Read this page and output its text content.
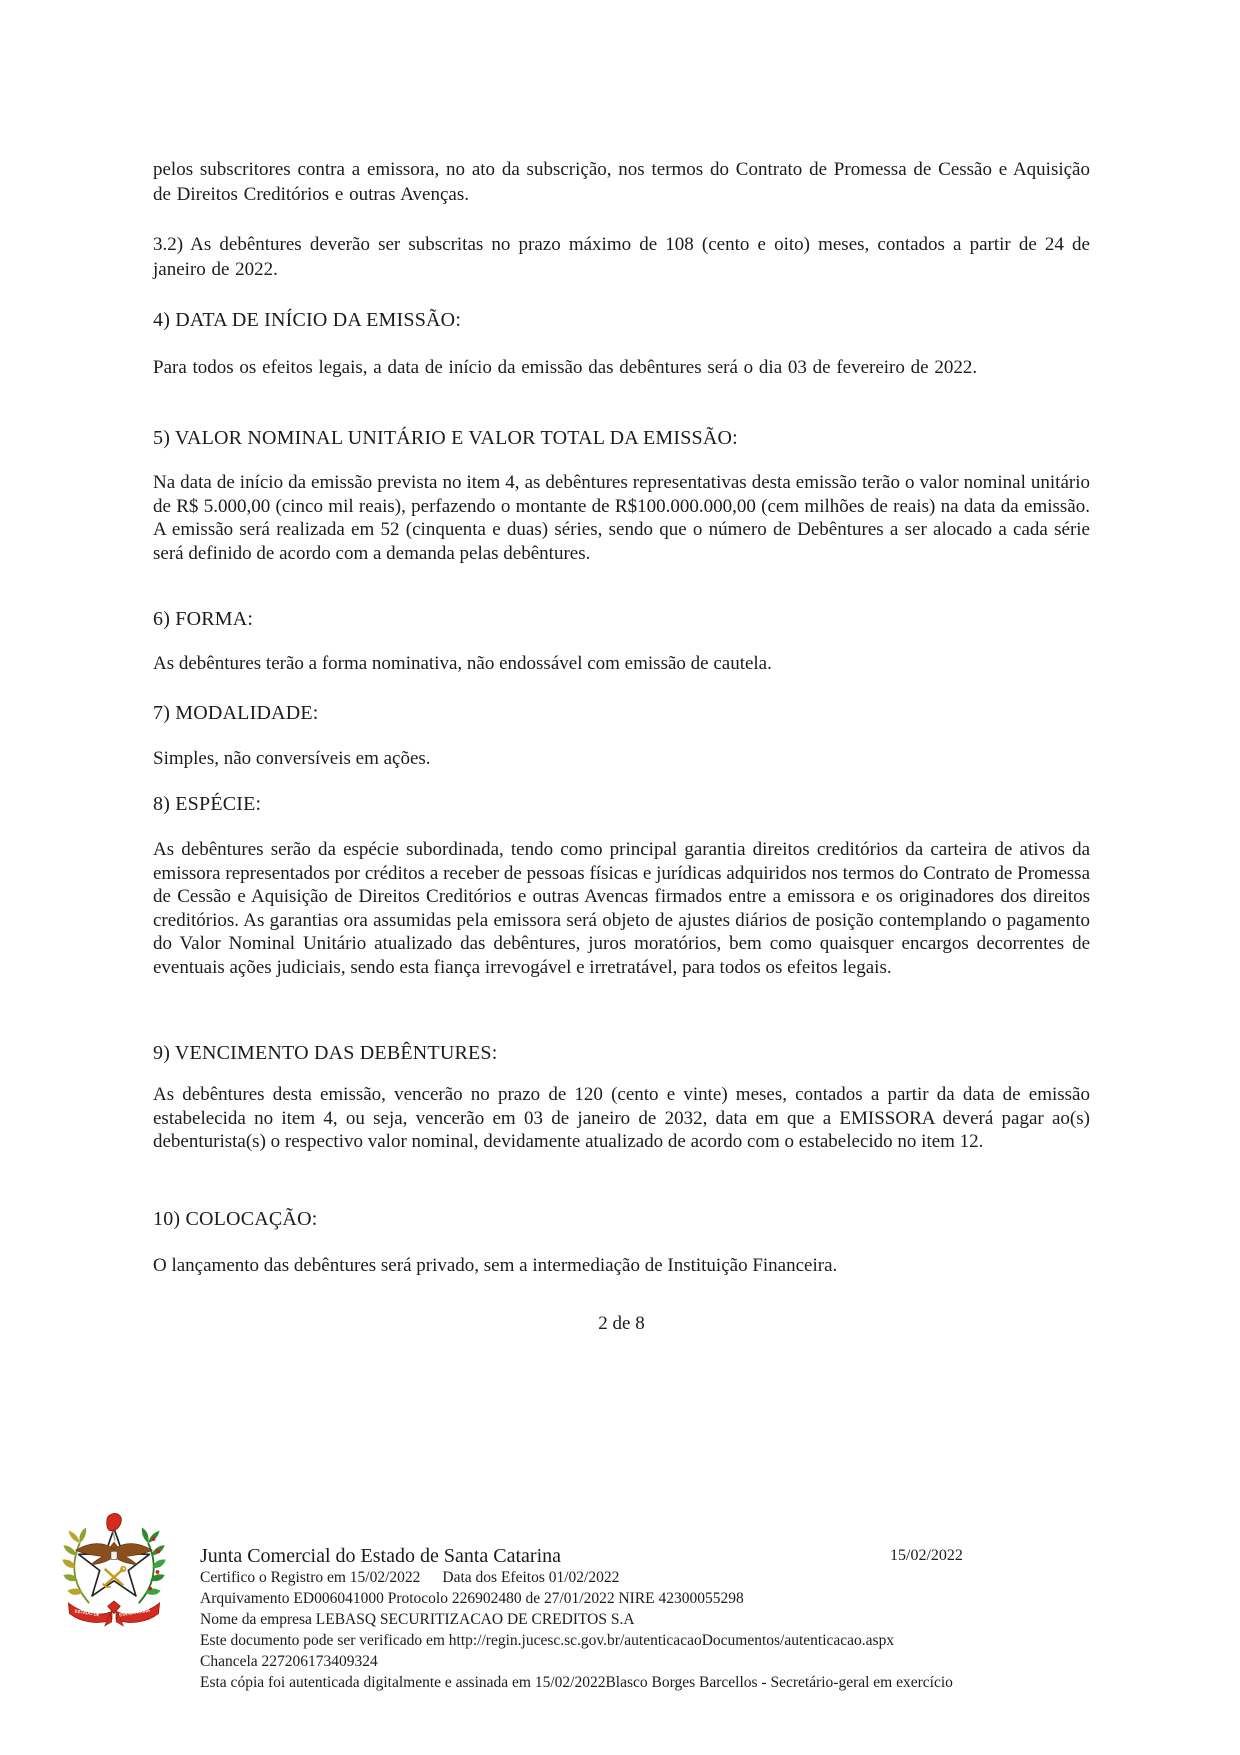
pelos subscritores contra a emissora, no ato da subscrição, nos termos do Contrato de Promessa de Cessão e Aquisição de Direitos Creditórios e outras Avenças.
3.2) As debêntures deverão ser subscritas no prazo máximo de 108 (cento e oito) meses, contados a partir de 24 de janeiro de 2022.
4) DATA DE INÍCIO DA EMISSÃO:
Para todos os efeitos legais, a data de início da emissão das debêntures será o dia 03 de fevereiro de 2022.
5) VALOR NOMINAL UNITÁRIO E VALOR TOTAL DA EMISSÃO:
Na data de início da emissão prevista no item 4, as debêntures representativas desta emissão terão o valor nominal unitário de R$ 5.000,00 (cinco mil reais), perfazendo o montante de R$100.000.000,00 (cem milhões de reais) na data da emissão. A emissão será realizada em 52 (cinquenta e duas) séries, sendo que o número de Debêntures a ser alocado a cada série será definido de acordo com a demanda pelas debêntures.
6) FORMA:
As debêntures terão a forma nominativa, não endossável com emissão de cautela.
7) MODALIDADE:
Simples, não conversíveis em ações.
8) ESPÉCIE:
As debêntures serão da espécie subordinada, tendo como principal garantia direitos creditórios da carteira de ativos da emissora representados por créditos a receber de pessoas físicas e jurídicas adquiridos nos termos do Contrato de Promessa de Cessão e Aquisição de Direitos Creditórios e outras Avencas firmados entre a emissora e os originadores dos direitos creditórios. As garantias ora assumidas pela emissora será objeto de ajustes diários de posição contemplando o pagamento do Valor Nominal Unitário atualizado das debêntures, juros moratórios, bem como quaisquer encargos decorrentes de eventuais ações judiciais, sendo esta fiança irrevogável e irretratável, para todos os efeitos legais.
9) VENCIMENTO DAS DEBÊNTURES:
As debêntures desta emissão, vencerão no prazo de 120 (cento e vinte) meses, contados a partir da data de emissão estabelecida no item 4, ou seja, vencerão em 03 de janeiro de 2032, data em que a EMISSORA deverá pagar ao(s) debenturista(s) o respectivo valor nominal, devidamente atualizado de acordo com o estabelecido no item 12.
10) COLOCAÇÃO:
O lançamento das debêntures será privado, sem a intermediação de Instituição Financeira.
2 de 8
ESTADO DE	STA.CATARINA
Junta Comercial do Estado de Santa Catarina	15/02/2022
Certifico o Registro em 15/02/2022 Data dos Efeitos 01/02/2022
Arquivamento ED006041000 Protocolo 226902480 de 27/01/2022 NIRE 42300055298
Nome da empresa LEBASQ SECURITIZACAO DE CREDITOS S.A
Este documento pode ser verificado em http://regin.jucesc.sc.gov.br/autenticacaoDocumentos/autenticacao.aspx
Chancela 227206173409324
Esta cópia foi autenticada digitalmente e assinada em 15/02/2022Blasco Borges Barcellos - Secretário-geral em exercício
